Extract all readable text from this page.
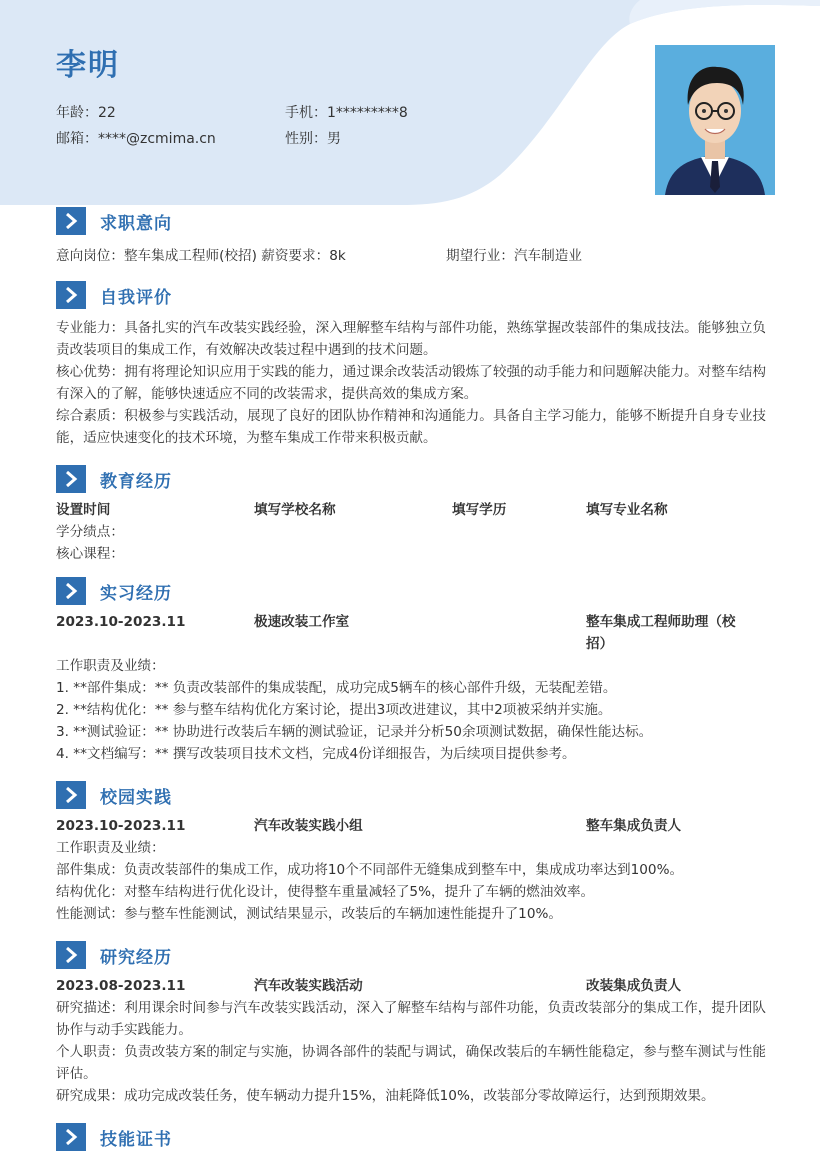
李明
年龄：22	手机：1*********8
邮箱：****@zcmima.cn	性别：男
求职意向
意向岗位：整车集成工程师(校招) 薪资要求：8k	期望行业：汽车制造业
自我评价
专业能力：具备扎实的汽车改装实践经验，深入理解整车结构与部件功能，熟练掌握改装部件的集成技法。能够独立负责改装项目的集成工作，有效解决改装过程中遇到的技术问题。
核心优势：拥有将理论知识应用于实践的能力，通过课余改装活动锻炼了较强的动手能力和问题解决能力。对整车结构有深入的了解，能够快速适应不同的改装需求，提供高效的集成方案。
综合素质：积极参与实践活动，展现了良好的团队协作精神和沟通能力。具备自主学习能力，能够不断提升自身专业技能，适应快速变化的技术环境，为整车集成工作带来积极贡献。
教育经历
设置时间	填写学校名称	填写学历	填写专业名称
学分绩点：
核心课程：
实习经历
2023.10-2023.11	极速改装工作室	整车集成工程师助理（校招）
工作职责及业绩：
1. **部件集成：** 负责改装部件的集成装配，成功完成5辆车的核心部件升级，无装配差错。
2. **结构优化：** 参与整车结构优化方案讨论，提出3项改进建议，其中2项被采纳并实施。
3. **测试验证：** 协助进行改装后车辆的测试验证，记录并分析50余项测试数据，确保性能达标。
4. **文档编写：** 撰写改装项目技术文档，完成4份详细报告，为后续项目提供参考。
校园实践
2023.10-2023.11	汽车改装实践小组	整车集成负责人
工作职责及业绩：
部件集成：负责改装部件的集成工作，成功将10个不同部件无缝集成到整车中，集成成功率达到100%。
结构优化：对整车结构进行优化设计，使得整车重量减轻了5%，提升了车辆的燃油效率。
性能测试：参与整车性能测试，测试结果显示，改装后的车辆加速性能提升了10%。
研究经历
2023.08-2023.11	汽车改装实践活动	改装集成负责人
研究描述：利用课余时间参与汽车改装实践活动，深入了解整车结构与部件功能，负责改装部分的集成工作，提升团队协作与动手实践能力。
个人职责：负责改装方案的制定与实施，协调各部件的装配与调试，确保改装后的车辆性能稳定，参与整车测试与性能评估。
研究成果：成功完成改装任务，使车辆动力提升15%，油耗降低10%，改装部分零故障运行，达到预期效果。
技能证书
